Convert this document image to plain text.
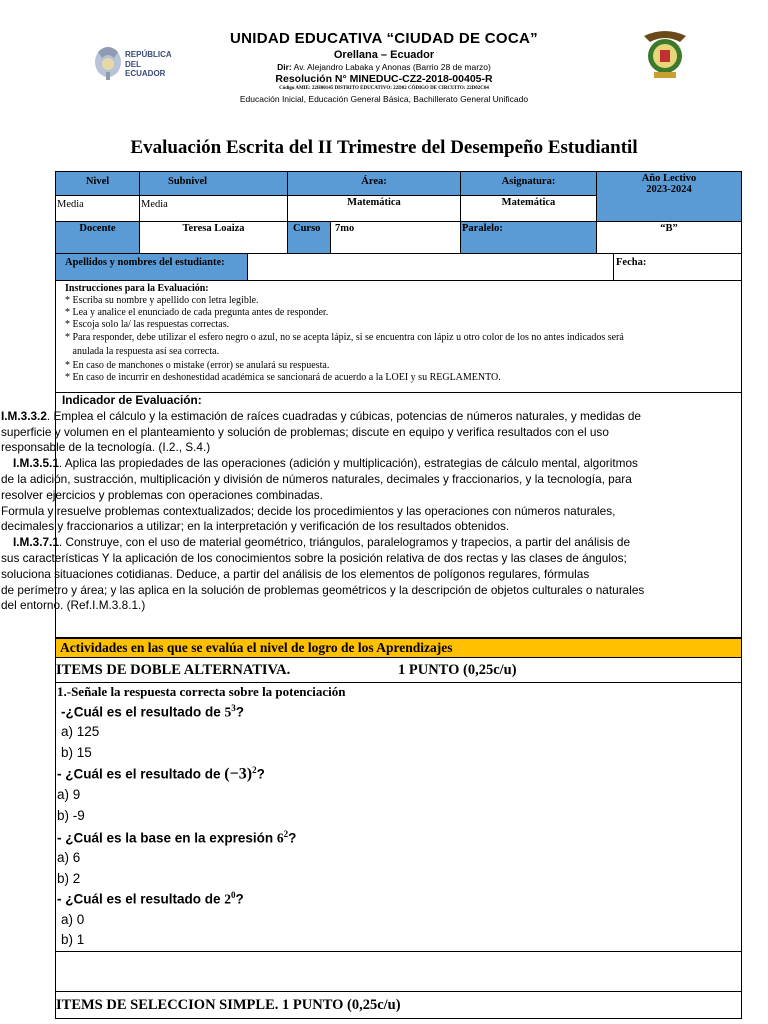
REPÚBLICA
DEL ECUADOR
UNIDAD EDUCATIVA “CIUDAD DE COCA”
Orellana – Ecuador
Dir: Av. Alejandro Labaka y Anonas (Barrio 28 de marzo)
Resolución N° MINEDUC-CZ2-2018-00405-R
Código AMIE: 22H00145 DISTRITO EDUCATIVO: 22D02 CÓDIGO DE CIRCUITO: 22D02C04
Educación Inicial, Educación General Básica, Bachillerato General Unificado
Evaluación Escrita del II Trimestre del Desempeño Estudiantil
Nivel	Subnivel	Área:	Asignatura:	Año Lectivo
2023-2024
Media	Media	Matemática	Matemática
Docente	Teresa Loaiza	Curso	7mo	Paralelo:	“B”
Apellidos y nombres del estudiante:	Fecha:
Instrucciones para la Evaluación:
* Escriba su nombre y apellido con letra legible.
* Lea y analice el enunciado de cada pregunta antes de responder.
* Escoja solo la/ las respuestas correctas.
* Para responder, debe utilizar el esfero negro o azul, no se acepta lápiz, si se encuentra con lápiz u otro color de los no antes indicados será
anulada la respuesta así sea correcta.
* En caso de manchones o mistake (error) se anulará su respuesta.
* En caso de incurrir en deshonestidad académica se sancionará de acuerdo a la LOEI y su REGLAMENTO.
Indicador de Evaluación:
I.M.3.3.2. Emplea el cálculo y la estimación de raíces cuadradas y cúbicas, potencias de números naturales, y medidas de
superficie y volumen en el planteamiento y solución de problemas; discute en equipo y verifica resultados con el uso
responsable de la tecnología. (I.2., S.4.)
I.M.3.5.1. Aplica las propiedades de las operaciones (adición y multiplicación), estrategias de cálculo mental, algoritmos
de la adición, sustracción, multiplicación y división de números naturales, decimales y fraccionarios, y la tecnología, para
resolver ejercicios y problemas con operaciones combinadas.
Formula y resuelve problemas contextualizados; decide los procedimientos y las operaciones con números naturales,
decimales y fraccionarios a utilizar; en la interpretación y verificación de los resultados obtenidos.
I.M.3.7.1. Construye, con el uso de material geométrico, triángulos, paralelogramos y trapecios, a partir del análisis de
sus características Y la aplicación de los conocimientos sobre la posición relativa de dos rectas y las clases de ángulos;
soluciona situaciones cotidianas. Deduce, a partir del análisis de los elementos de polígonos regulares, fórmulas
de perímetro y área; y las aplica en la solución de problemas geométricos y la descripción de objetos culturales o naturales
del entorno. (Ref.I.M.3.8.1.)
Actividades en las que se evalúa el nivel de logro de los Aprendizajes
ITEMS DE DOBLE ALTERNATIVA.	1 PUNTO (0,25c/u)
1.-Señale la respuesta correcta sobre la potenciación
-¿Cuál es el resultado de $5^3$?
a) 125
b) 15
- ¿Cuál es el resultado de $(-3)^2$?
a) 9
b) -9
- ¿Cuál es la base en la expresión $6^2$?
a) 6
b) 2
- ¿Cuál es el resultado de $2^0$?
a) 0
b) 1
ITEMS DE SELECCION SIMPLE. 1 PUNTO (0,25c/u)
